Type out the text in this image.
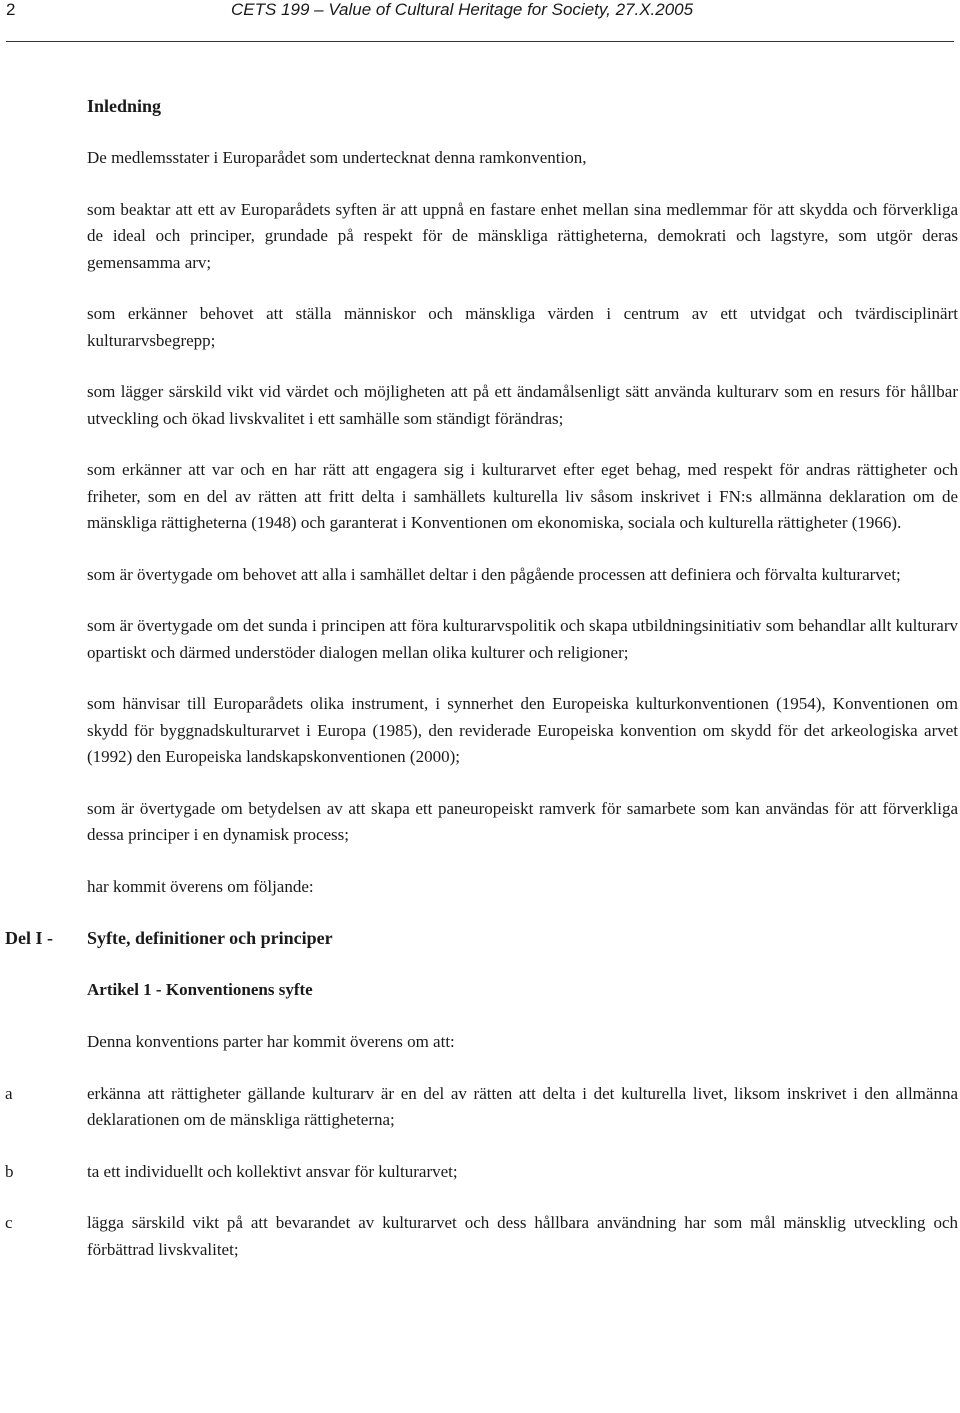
2	CETS 199 – Value of Cultural Heritage for Society, 27.X.2005
Inledning

De medlemsstater i Europarådet som undertecknat denna ramkonvention,

som beaktar att ett av Europarådets syften är att uppnå en fastare enhet mellan sina medlemmar för att skydda och förverkliga de ideal och principer, grundade på respekt för de mänskliga rättigheterna, demokrati och lagstyre, som utgör deras gemensamma arv;

som erkänner behovet att ställa människor och mänskliga värden i centrum av ett utvidgat och tvärdisciplinärt kulturarvsbegrepp;

som lägger särskild vikt vid värdet och möjligheten att på ett ändamålsenligt sätt använda kulturarv som en resurs för hållbar utveckling och ökad livskvalitet i ett samhälle som ständigt förändras;

som erkänner att var och en har rätt att engagera sig i kulturarvet efter eget behag, med respekt för andras rättigheter och friheter, som en del av rätten att fritt delta i samhällets kulturella liv såsom inskrivet i FN:s allmänna deklaration om de mänskliga rättigheterna (1948) och garanterat i Konventionen om ekonomiska, sociala och kulturella rättigheter (1966).

som är övertygade om behovet att alla i samhället deltar i den pågående processen att definiera och förvalta kulturarvet;

som är övertygade om det sunda i principen att föra kulturarvspolitik och skapa utbildningsinitiativ som behandlar allt kulturarv opartiskt och därmed understöder dialogen mellan olika kulturer och religioner;

som hänvisar till Europarådets olika instrument, i synnerhet den Europeiska kulturkonventionen (1954), Konventionen om skydd för byggnadskulturarvet i Europa (1985), den reviderade Europeiska konvention om skydd för det arkeologiska arvet (1992) den Europeiska landskapskonventionen (2000);

som är övertygade om betydelsen av att skapa ett paneuropeiskt ramverk för samarbete som kan användas för att förverkliga dessa principer i en dynamisk process;

har kommit överens om följande:

Del I - Syfte, definitioner och principer
Artikel 1 - Konventionens syfte

Denna konventions parter har kommit överens om att:

a	erkänna att rättigheter gällande kulturarv är en del av rätten att delta i det kulturella livet, liksom inskrivet i den allmänna deklarationen om de mänskliga rättigheterna;
b	ta ett individuellt och kollektivt ansvar för kulturarvet;
c	lägga särskild vikt på att bevarandet av kulturarvet och dess hållbara användning har som mål mänsklig utveckling och förbättrad livskvalitet;
